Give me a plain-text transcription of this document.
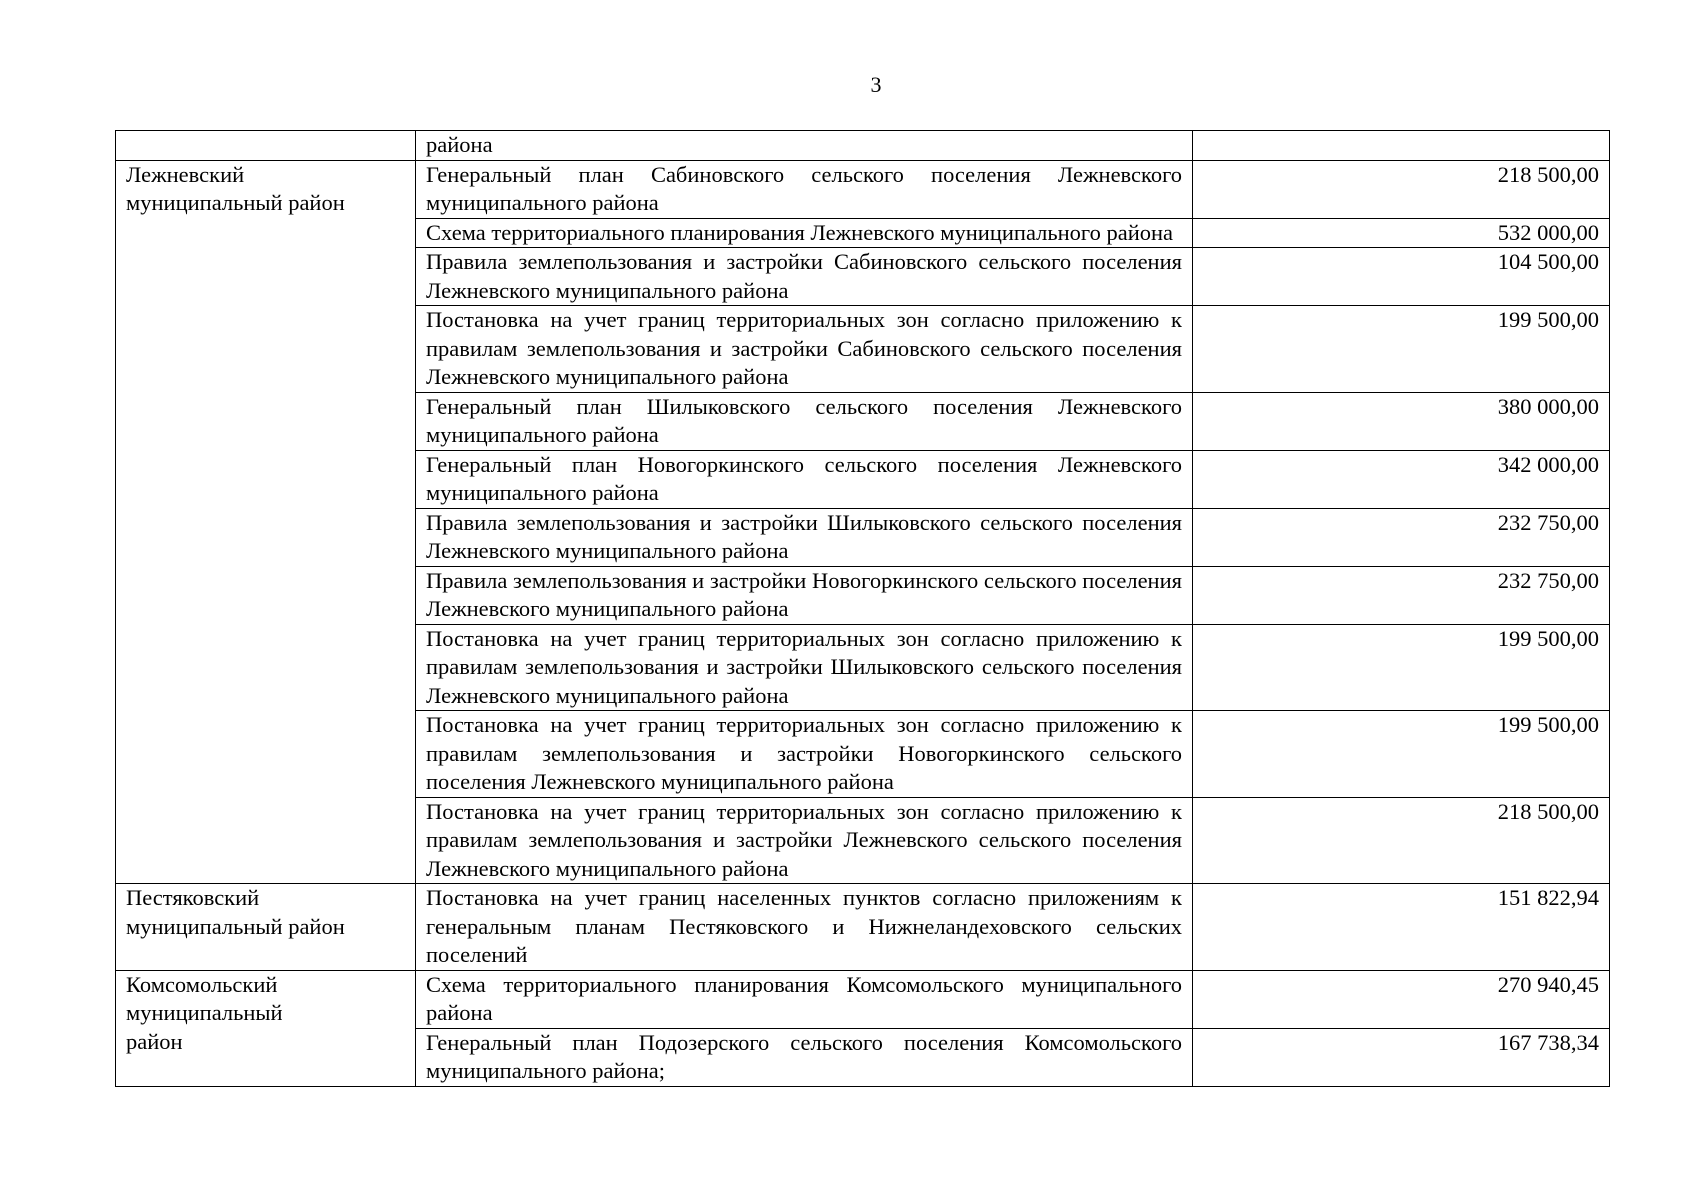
3
	района	

Лежневский муниципальный район	Генеральный план Сабиновского сельского поселения Лежневского муниципального района	218 500,00
	Схема территориального планирования Лежневского муниципального района	532 000,00
	Правила землепользования и застройки Сабиновского сельского поселения Лежневского муниципального района	104 500,00
	Постановка на учет границ территориальных зон согласно приложению к правилам землепользования и застройки Сабиновского сельского поселения Лежневского муниципального района	199 500,00
	Генеральный план Шилыковского сельского поселения Лежневского муниципального района	380 000,00
	Генеральный план Новогоркинского сельского поселения Лежневского муниципального района	342 000,00
	Правила землепользования и застройки Шилыковского сельского поселения Лежневского муниципального района	232 750,00
	Правила землепользования и застройки Новогоркинского сельского поселения Лежневского муниципального района	232 750,00
	Постановка на учет границ территориальных зон согласно приложению к правилам землепользования и застройки Шилыковского сельского поселения Лежневского муниципального района	199 500,00
	Постановка на учет границ территориальных зон согласно приложению к правилам землепользования и застройки Новогоркинского сельского поселения Лежневского муниципального района	199 500,00
	Постановка на учет границ территориальных зон согласно приложению к правилам землепользования и застройки Лежневского сельского поселения Лежневского муниципального района	218 500,00

Пестяковский муниципальный район	Постановка на учет границ населенных пунктов согласно приложениям к генеральным планам Пестяковского и Нижнеландеховского сельских поселений	151 822,94

Комсомольский муниципальный район	Схема территориального планирования Комсомольского муниципального района	270 940,45
	Генеральный план Подозерского сельского поселения Комсомольского муниципального района;	167 738,34
